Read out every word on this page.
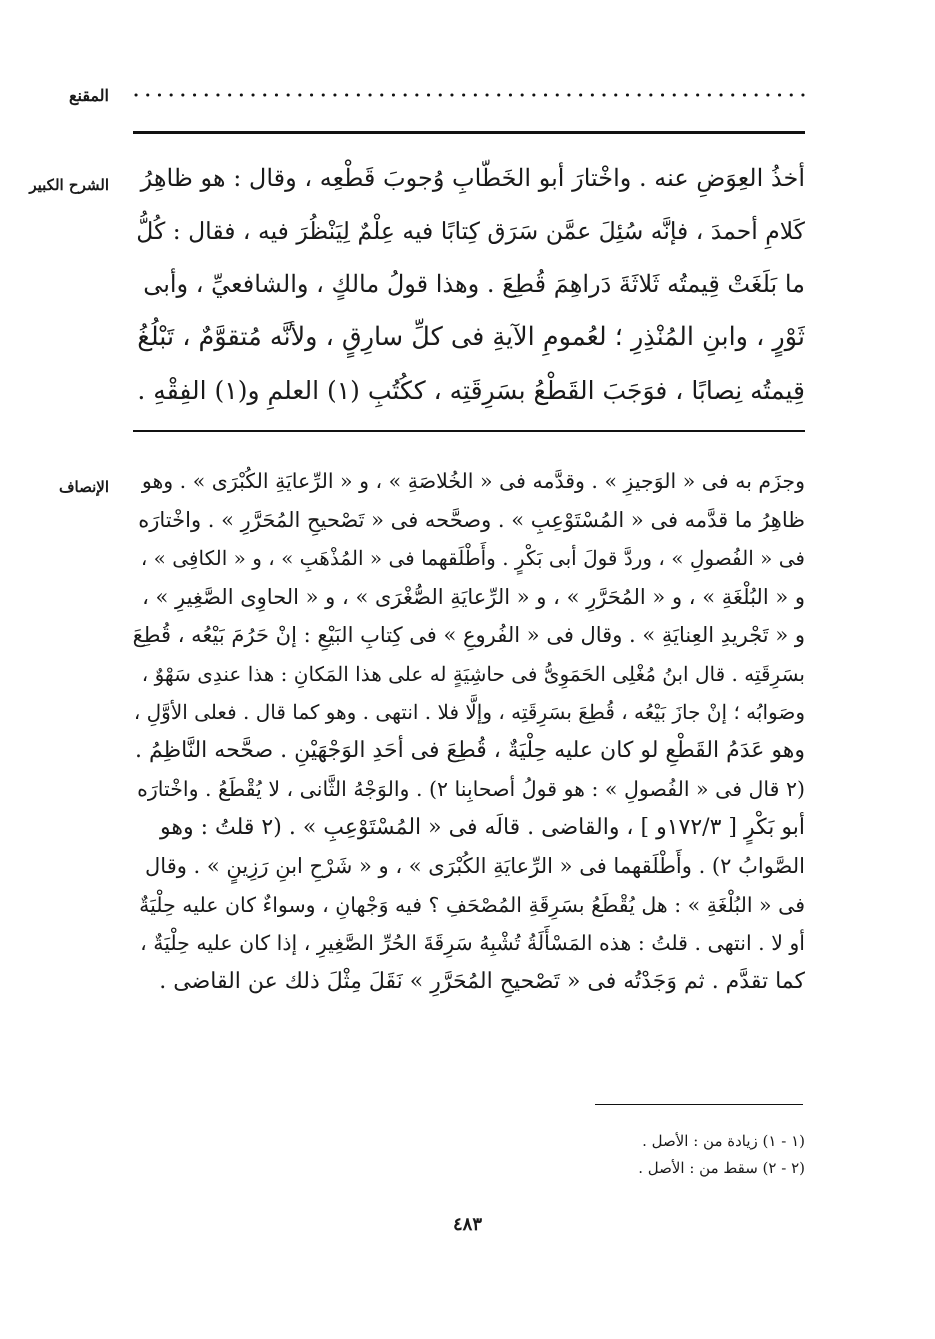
المقنع
الشرح الكبير	أخذُ العِوَضِ عنه . واخْتارَ أبو الخَطّابِ وُجوبَ قَطْعِه ، وقال : هو ظاهِرُ
كَلامِ أحمدَ ، فإنَّه سُئِلَ عمَّن سَرَق كِتابًا فيه عِلْمٌ لِيَنْظُرَ فيه ، فقال : كُلُّ
ما بَلَغَتْ قِيمتُه ثَلاثَةَ دَراهِمَ قُطِعَ . وهذا قولُ مالكٍ ، والشافعيِّ ، وأبى
ثَوْرٍ ، وابنِ المُنْذِرِ ؛ لعُمومِ الآيةِ فى كلِّ سارِقٍ ، ولأنَّه مُتقوَّمٌ ، تَبْلُغُ
قِيمتُه نِصابًا ، فوَجَبَ القَطْعُ بسَرِقَتِه ، ككُتُبِ (١) العلمِ و(١) الفِقْهِ .
الإنصاف	وجزَم به فى « الوَجيزِ » . وقدَّمه فى « الخُلاصَةِ » ، و « الرِّعايَةِ الكُبْرَى » . وهو
ظاهِرُ ما قدَّمه فى « المُسْتَوْعِبِ » . وصحَّحه فى « تَصْحيحِ المُحَرَّرِ » . واخْتارَه
فى « الفُصولِ » ، وردَّ قولَ أبى بَكْرٍ . وأَطْلَقهما فى « المُذْهَبِ » ، و « الكافِى » ،
و « البُلْغَةِ » ، و « المُحَرَّرِ » ، و « الرِّعايَةِ الصُّغْرَى » ، و « الحاوِى الصَّغِيرِ » ،
و « تَجْريدِ العِنايَةِ » . وقال فى « الفُروعِ » فى كِتابِ البَيْعِ : إنْ حَرُمَ بَيْعُه ، قُطِعَ
بسَرِقَتِه . قال ابنُ مُغْلِى الحَمَوِىُّ فى حاشِيَةٍ له على هذا المَكانِ : هذا عندِى سَهْوٌ ،
وصَوابُه ؛ إنْ جازَ بَيْعُه ، قُطِعَ بسَرِقَتِه ، وإلَّا فلا . انتهى . وهو كما قال . فعلى الأوَّلِ ،
وهو عَدَمُ القَطْعِ لو كان عليه حِلْيَةٌ ، قُطِعَ فى أحَدِ الوَجْهَيْنِ . صحَّحه النَّاظِمُ .
(٢ قال فى « الفُصولِ » : هو قولُ أصحابِنا ٢) . والوَجْهُ الثَّانى ، لا يُقْطَعُ . واخْتارَه
أبو بَكْرٍ [ ١٧٢/٣و ] ، والقاضى . قالَه فى « المُسْتَوْعِبِ » . (٢ قلتُ : وهو
الصَّوابُ ٢) . وأَطْلَقهما فى « الرِّعايَةِ الكُبْرَى » ، و « شَرْحِ ابنِ رَزِينٍ » . وقال
فى « البُلْغَةِ » : هل يُقْطَعُ بسَرِقَةِ المُصْحَفِ ؟ فيه وَجْهانِ ، وسواءٌ كان عليه حِلْيَةٌ
أو لا . انتهى . قلتُ : هذه المَسْأَلَةُ تُشْبِهُ سَرِقَةَ الحُرِّ الصَّغِيرِ ، إذا كان عليه حِلْيَةٌ ،
كما تقدَّم . ثم وَجَدْتُه فى « تَصْحيحِ المُحَرَّرِ » نَقَلَ مِثْلَ ذلك عن القاضى .
(١ - ١) زيادة من : الأصل .
(٢ - ٢) سقط من : الأصل .
٤٨٣
